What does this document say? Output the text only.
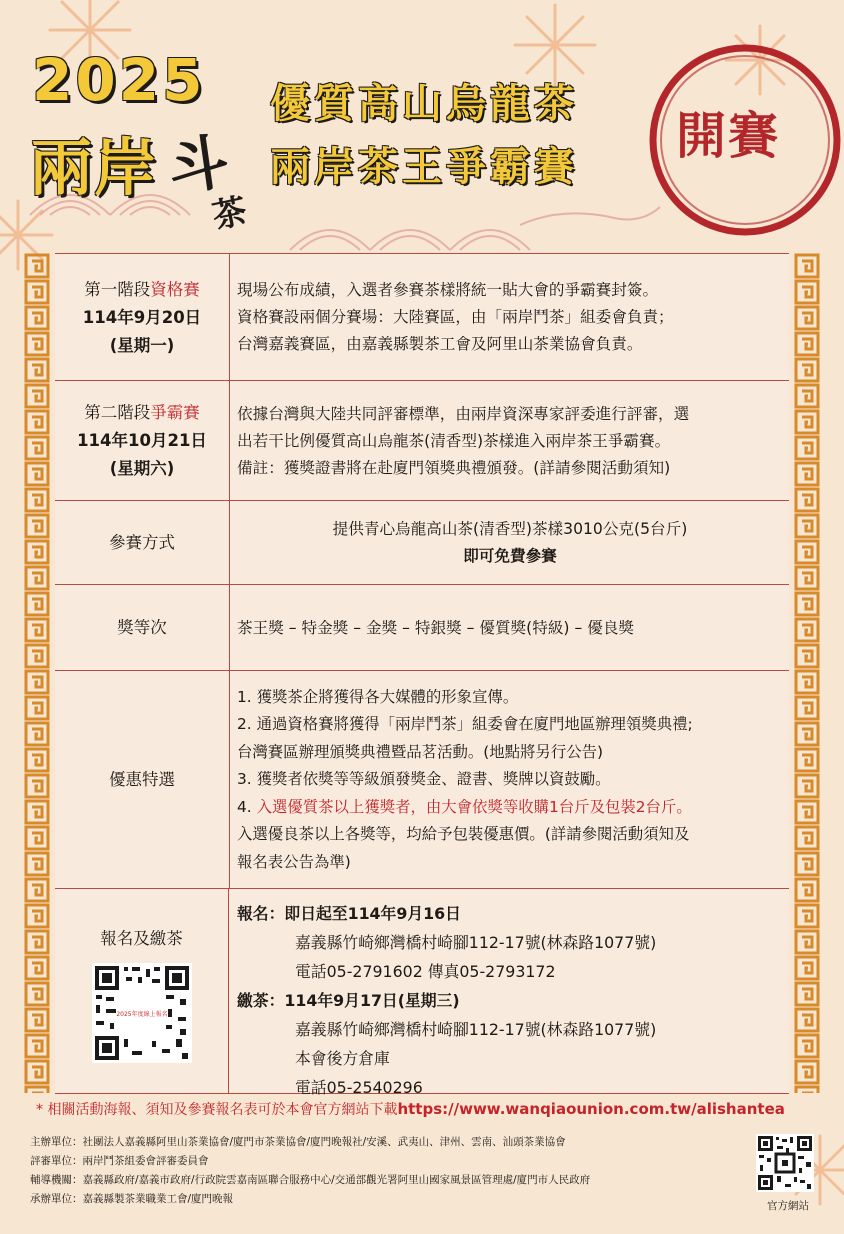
2025
兩岸 斗
茶
優質高山烏龍茶
兩岸茶王爭霸賽
開賽
第一階段資格賽
114年9月20日
(星期一)
現場公布成績，入選者參賽茶樣將統一貼大會的爭霸賽封簽。
資格賽設兩個分賽場：大陸賽區，由「兩岸鬥茶」組委會負責；
台灣嘉義賽區，由嘉義縣製茶工會及阿里山茶業協會負責。
第二階段爭霸賽
114年10月21日
(星期六)
依據台灣與大陸共同評審標準，由兩岸資深專家評委進行評審，選
出若干比例優質高山烏龍茶(清香型)茶樣進入兩岸茶王爭霸賽。
備註：獲獎證書將在赴廈門領獎典禮頒發。(詳請參閱活動須知)
參賽方式
提供青心烏龍高山茶(清香型)茶樣3010公克(5台斤)
即可免費參賽
獎等次	茶王獎 – 特金獎 – 金獎 – 特銀獎 – 優質獎(特級) – 優良獎
優惠特選
1. 獲獎茶企將獲得各大媒體的形象宣傳。
2. 通過資格賽將獲得「兩岸鬥茶」組委會在廈門地區辦理領獎典禮;
台灣賽區辦理頒獎典禮暨品茗活動。(地點將另行公告)
3. 獲獎者依獎等等級頒發獎金、證書、獎牌以資鼓勵。
4. 入選優質茶以上獲獎者，由大會依獎等收購1台斤及包裝2台斤。
入選優良茶以上各獎等，均給予包裝優惠價。(詳請參閱活動須知及
報名表公告為準)
報名及繳茶
2025年度線上報名
報名：即日起至114年9月16日
嘉義縣竹崎鄉灣橋村崎腳112-17號(林森路1077號)
電話05-2791602 傳真05-2793172
繳茶：114年9月17日(星期三)
嘉義縣竹崎鄉灣橋村崎腳112-17號(林森路1077號)
本會後方倉庫
電話05-2540296
* 相關活動海報、須知及參賽報名表可於本會官方網站下載https://www.wanqiaounion.com.tw/alishantea
主辦單位：社團法人嘉義縣阿里山茶業協會/廈門市茶業協會/廈門晚報社/安溪、武夷山、津州、雲南、汕頭茶業協會
評審單位：兩岸鬥茶組委會評審委員會
輔導機關：嘉義縣政府/嘉義市政府/行政院雲嘉南區聯合服務中心/交通部觀光署阿里山國家風景區管理處/廈門市人民政府
承辦單位：嘉義縣製茶業職業工會/廈門晚報
官方網站
